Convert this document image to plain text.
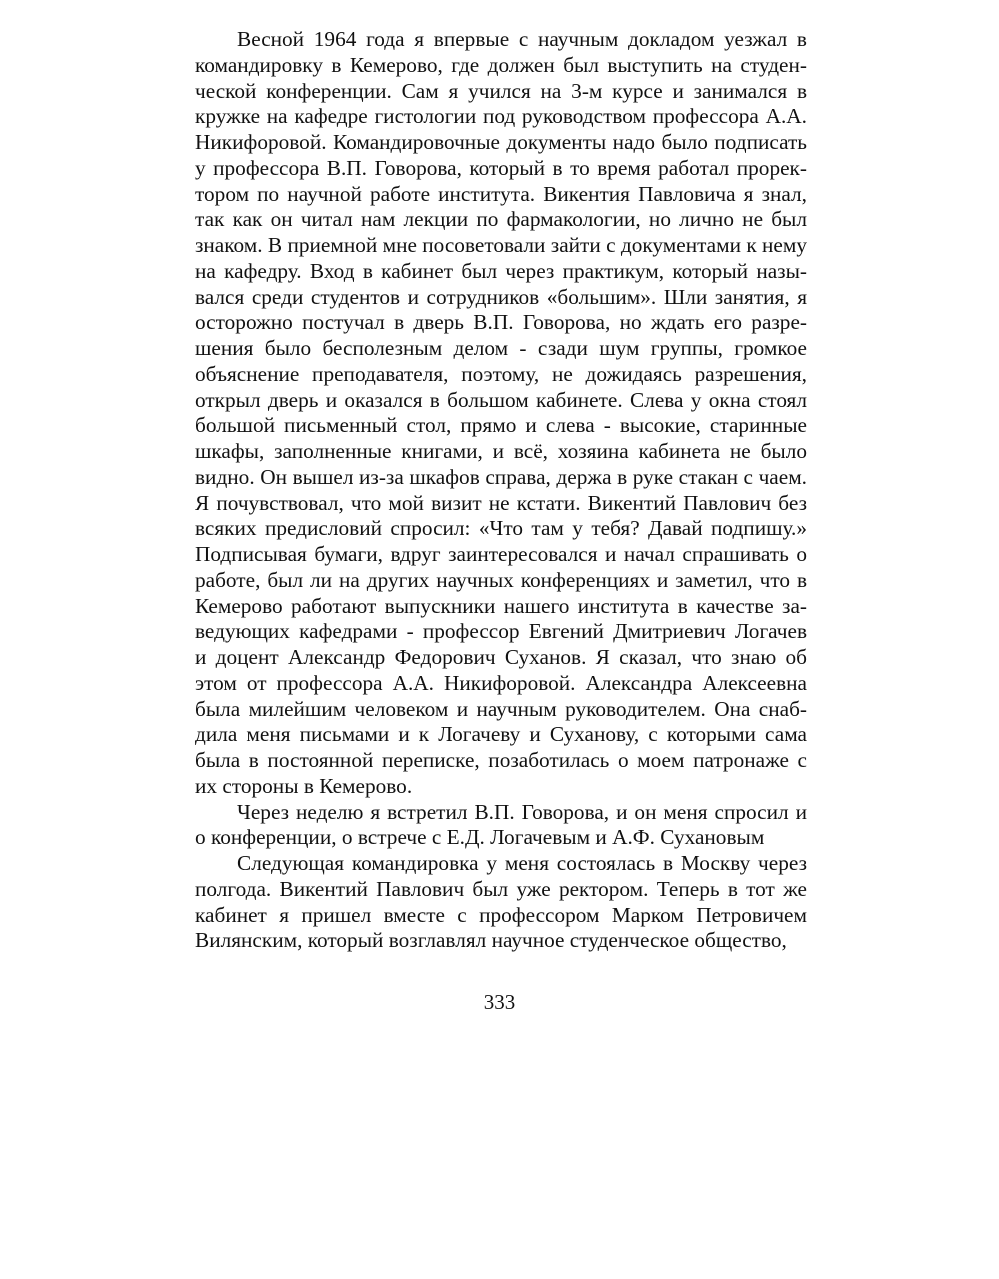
Весной 1964 года я впервые с научным докладом уезжал в
командировку в Кемерово, где должен был выступить на студен-
ческой конференции. Сам я учился на 3-м курсе и занимался в
кружке на кафедре гистологии под руководством профессора А.А.
Никифоровой. Командировочные документы надо было подписать
у профессора В.П. Говорова, который в то время работал прорек-
тором по научной работе института. Викентия Павловича я знал,
так как он читал нам лекции по фармакологии, но лично не был
знаком. В приемной мне посоветовали зайти с документами к нему
на кафедру. Вход в кабинет был через практикум, который назы-
вался среди студентов и сотрудников «большим». Шли занятия, я
осторожно постучал в дверь В.П. Говорова, но ждать его разре-
шения было бесполезным делом - сзади шум группы, громкое
объяснение преподавателя, поэтому, не дожидаясь разрешения,
открыл дверь и оказался в большом кабинете. Слева у окна стоял
большой письменный стол, прямо и слева - высокие, старинные
шкафы, заполненные книгами, и всё, хозяина кабинета не было
видно. Он вышел из-за шкафов справа, держа в руке стакан с чаем.
Я почувствовал, что мой визит не кстати. Викентий Павлович без
всяких предисловий спросил: «Что там у тебя? Давай подпишу.»
Подписывая бумаги, вдруг заинтересовался и начал спрашивать о
работе, был ли на других научных конференциях и заметил, что в
Кемерово работают выпускники нашего института в качестве за-
ведующих кафедрами - профессор Евгений Дмитриевич Логачев
и доцент Александр Федорович Суханов. Я сказал, что знаю об
этом от профессора А.А. Никифоровой. Александра Алексеевна
была милейшим человеком и научным руководителем. Она снаб-
дила меня письмами и к Логачеву и Суханову, с которыми сама
была в постоянной переписке, позаботилась о моем патронаже с
их стороны в Кемерово.
Через неделю я встретил В.П. Говорова, и он меня спросил и
о конференции, о встрече с Е.Д. Логачевым и А.Ф. Сухановым
Следующая командировка у меня состоялась в Москву через
полгода. Викентий Павлович был уже ректором. Теперь в тот же
кабинет я пришел вместе с профессором Марком Петровичем
Вилянским, который возглавлял научное студенческое общество,
333
